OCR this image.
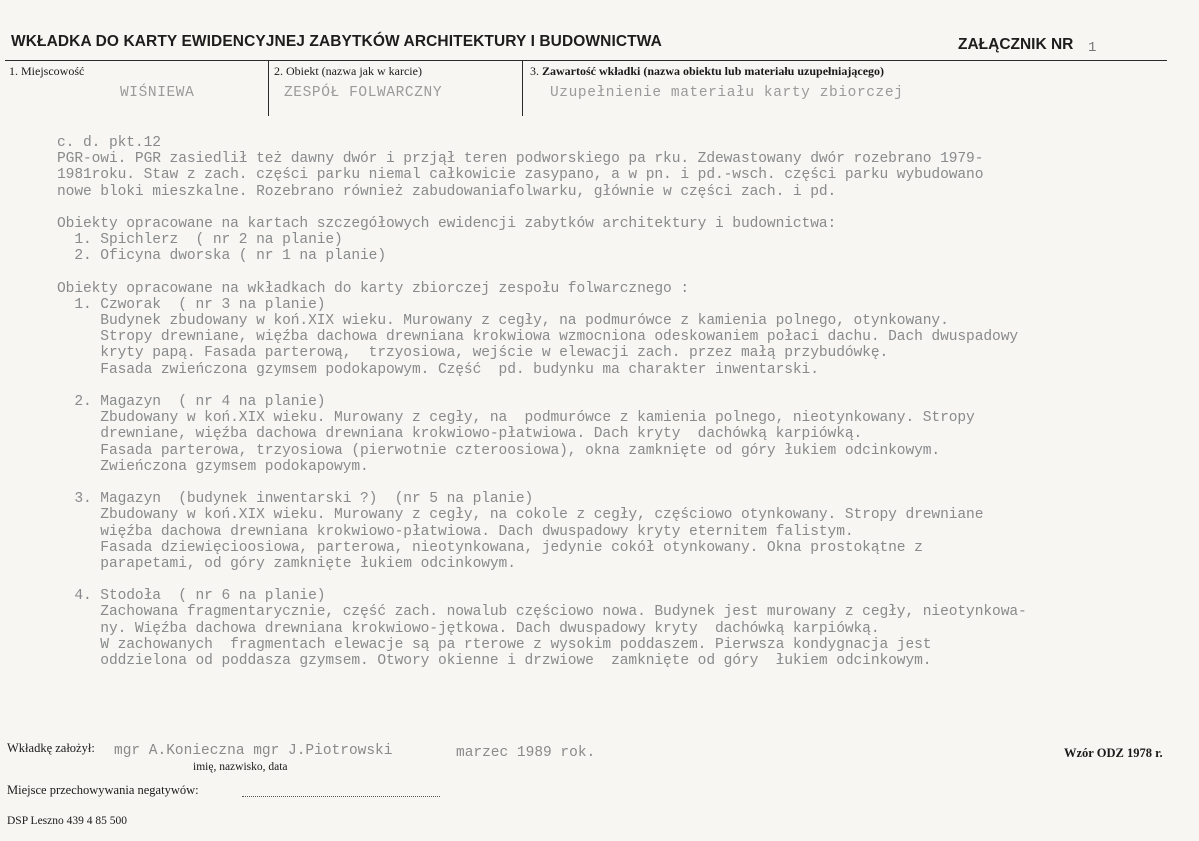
WKŁADKA DO KARTY EWIDENCYJNEJ ZABYTKÓW ARCHITEKTURY I BUDOWNICTWA	ZAŁĄCZNIK NR 1
1. Miejscowość
WIŚNIEWA
2. Obiekt (nazwa jak w karcie)
ZESPÓŁ FOLWARCZNY
3. Zawartość wkładki (nazwa obiektu lub materiału uzupełniającego)
Uzupełnienie materiału karty zbiorczej
c. d. pkt.12
PGR-owi. PGR zasiedlił też dawny dwór i przjął teren podworskiego pa rku. Zdewastowany dwór rozebrano 1979-
1981roku. Staw z zach. części parku niemal całkowicie zasypano, a w pn. i pd.-wsch. części parku wybudowano
nowe bloki mieszkalne. Rozebrano również zabudowaniafolwarku, głównie w części zach. i pd.
Obiekty opracowane na kartach szczegółowych ewidencji zabytków architektury i budownictwa:
1. Spichlerz  ( nr 2 na planie)
2. Oficyna dworska ( nr 1 na planie)
Obiekty opracowane na wkładkach do karty zbiorczej zespołu folwarcznego :
1. Czworak  ( nr 3 na planie)
Budynek zbudowany w koń.XIX wieku. Murowany z cegły, na podmurówce z kamienia polnego, otynkowany.
Stropy drewniane, więźba dachowa drewniana krokwiowa wzmocniona odeskowaniem połaci dachu. Dach dwuspadowy
kryty papą. Fasada parterową,  trzyosiowa, wejście w elewacji zach. przez małą przybudówkę.
Fasada zwieńczona gzymsem podokapowym. Część  pd. budynku ma charakter inwentarski.
2. Magazyn  ( nr 4 na planie)
Zbudowany w koń.XIX wieku. Murowany z cegły, na  podmurówce z kamienia polnego, nieotynkowany. Stropy
drewniane, więźba dachowa drewniana krokwiowo-płatwiowa. Dach kryty  dachówką karpiówką.
Fasada parterowa, trzyosiowa (pierwotnie czteroosiowa), okna zamknięte od góry łukiem odcinkowym.
Zwieńczona gzymsem podokapowym.
3. Magazyn  (budynek inwentarski ?)  (nr 5 na planie)
Zbudowany w koń.XIX wieku. Murowany z cegły, na cokole z cegły, częściowo otynkowany. Stropy drewniane
więźba dachowa drewniana krokwiowo-płatwiowa. Dach dwuspadowy kryty eternitem falistym.
Fasada dziewięcioosiowa, parterowa, nieotynkowana, jedynie cokół otynkowany. Okna prostokątne z
parapetami, od góry zamknięte łukiem odcinkowym.
4. Stodoła  ( nr 6 na planie)
Zachowana fragmentarycznie, część zach. nowalub częściowo nowa. Budynek jest murowany z cegły, nieotynkowa-
ny. Więźba dachowa drewniana krokwiowo-jętkowa. Dach dwuspadowy kryty  dachówką karpiówką.
W zachowanych  fragmentach elewacje są pa rterowe z wysokim poddaszem. Pierwsza kondygnacja jest
oddzielona od poddasza gzymsem. Otwory okienne i drzwiowe  zamknięte od góry  łukiem odcinkowym.
Wkładkę założył: mgr A.Konieczna mgr J.Piotrowski	marzec 1989 rok.
imię, nazwisko, data
Miejsce przechowywania negatywów:
DSP Leszno 439 4 85 500
Wzór ODZ 1978 r.
